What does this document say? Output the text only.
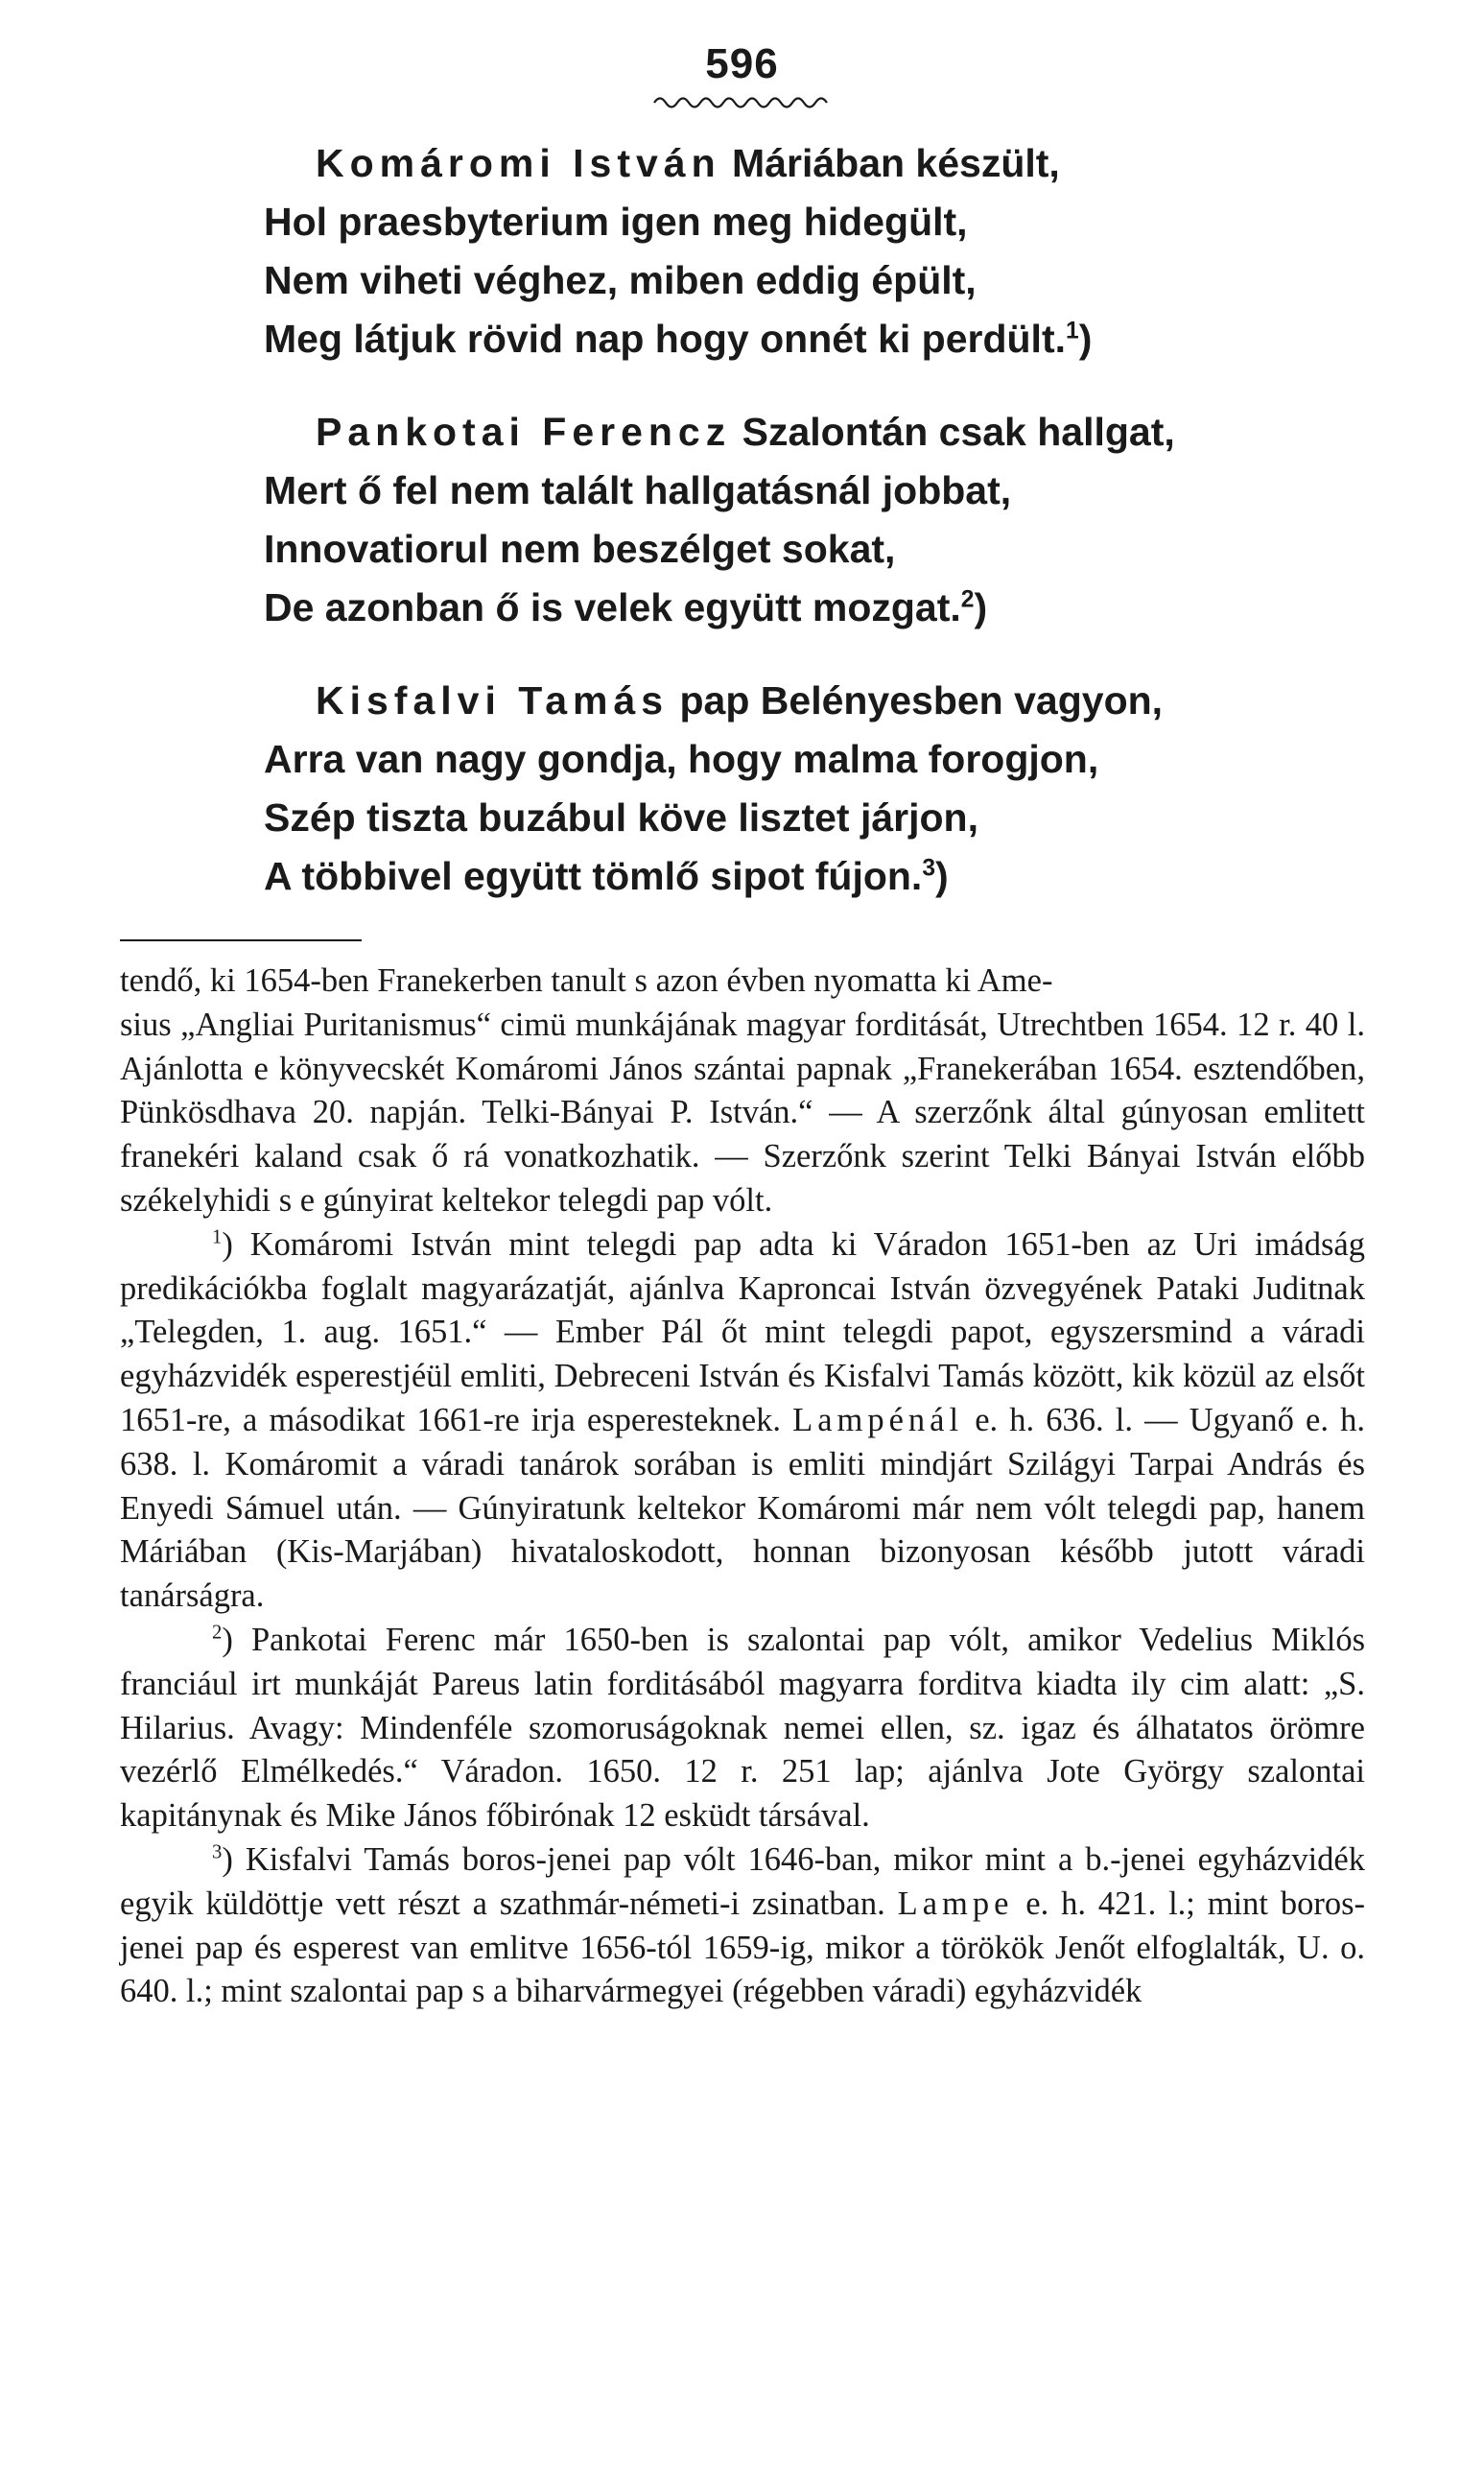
596
Komáromi István Máriában készült,
Hol praesbyterium igen meg hidegült,
Nem viheti véghez, miben eddig épült,
Meg látjuk rövid nap hogy onnét ki perdült.$^1$)
Pankotai Ferencz Szalontán csak hallgat,
Mert ő fel nem talált hallgatásnál jobbat,
Innovatiorul nem beszélget sokat,
De azonban ő is velek együtt mozgat.$^2$)
Kisfalvi Tamás pap Belényesben vagyon,
Arra van nagy gondja, hogy malma forogjon,
Szép tiszta buzábul köve lisztet járjon,
A többivel együtt tömlő sipot fújon.$^3$)

tendő, ki 1654-ben Franekerben tanult s azon évben nyomatta ki Ame-

sius „Angliai Puritanismus“ cimü munkájának magyar forditását, Utrechtben 1654. 12 r. 40 l. Ajánlotta e könyvecskét Komáromi János szántai papnak „Franekerában 1654. esztendőben, Pünkösdhava 20. napján. Telki-Bányai P. István.“ — A szerzőnk által gúnyosan emlitett franekéri kaland csak ő rá vonatkozhatik. — Szerzőnk szerint Telki Bányai István előbb székelyhidi s e gúnyirat keltekor telegdi pap vólt.

$^1$) Komáromi István mint telegdi pap adta ki Váradon 1651-ben az Uri imádság predikációkba foglalt magyarázatját, ajánlva Kaproncai István özvegyének Pataki Juditnak „Telegden, 1. aug. 1651.“ — Ember Pál őt mint telegdi papot, egyszersmind a váradi egyházvidék esperestjéül emliti, Debreceni István és Kisfalvi Tamás között, kik közül az elsőt 1651-re, a másodikat 1661-re irja esperesteknek. Lampénál e. h. 636. l. — Ugyanő e. h. 638. l. Komáromit a váradi tanárok sorában is emliti mindjárt Szilágyi Tarpai András és Enyedi Sámuel után. — Gúnyiratunk keltekor Komáromi már nem vólt telegdi pap, hanem Máriában (Kis-Marjában) hivataloskodott, honnan bizonyosan később jutott váradi tanárságra.

$^2$) Pankotai Ferenc már 1650-ben is szalontai pap vólt, amikor Vedelius Miklós franciául irt munkáját Pareus latin forditásából magyarra forditva kiadta ily cim alatt: „S. Hilarius. Avagy: Mindenféle szomoruságoknak nemei ellen, sz. igaz és álhatatos örömre vezérlő Elmélkedés.“ Váradon. 1650. 12 r. 251 lap; ajánlva Jote György szalontai kapitánynak és Mike János főbirónak 12 esküdt társával.

$^3$) Kisfalvi Tamás boros-jenei pap vólt 1646-ban, mikor mint a b.-jenei egyházvidék egyik küldöttje vett részt a szathmár-németi-i zsinatban. Lampe e. h. 421. l.; mint boros-jenei pap és esperest van emlitve 1656-tól 1659-ig, mikor a törökök Jenőt elfoglalták, U. o. 640. l.; mint szalontai pap s a biharvármegyei (régebben váradi) egyházvidék
